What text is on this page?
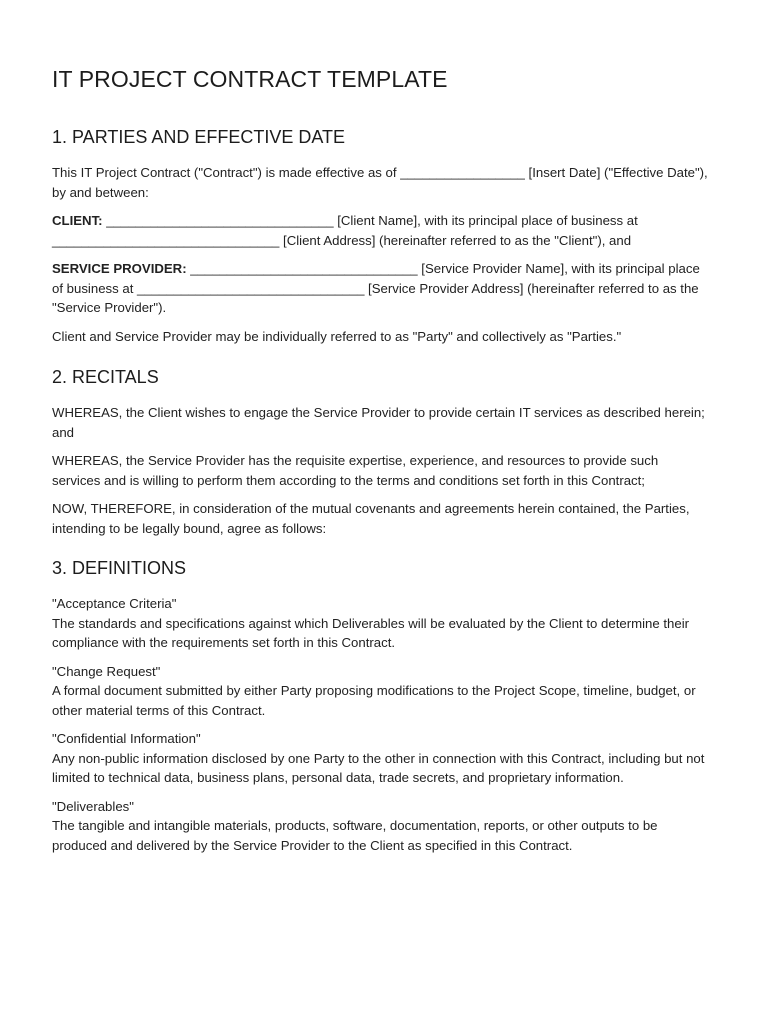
IT PROJECT CONTRACT TEMPLATE
1. PARTIES AND EFFECTIVE DATE

This IT Project Contract ("Contract") is made effective as of _________________ [Insert Date] ("Effective Date"), by and between:

CLIENT: _______________________________ [Client Name], with its principal place of business at _______________________________ [Client Address] (hereinafter referred to as the "Client"), and

SERVICE PROVIDER: _______________________________ [Service Provider Name], with its principal place of business at _______________________________ [Service Provider Address] (hereinafter referred to as the "Service Provider").

Client and Service Provider may be individually referred to as "Party" and collectively as "Parties."

2. RECITALS

WHEREAS, the Client wishes to engage the Service Provider to provide certain IT services as described herein; and

WHEREAS, the Service Provider has the requisite expertise, experience, and resources to provide such services and is willing to perform them according to the terms and conditions set forth in this Contract;

NOW, THEREFORE, in consideration of the mutual covenants and agreements herein contained, the Parties, intending to be legally bound, agree as follows:

3. DEFINITIONS

"Acceptance Criteria"
The standards and specifications against which Deliverables will be evaluated by the Client to determine their compliance with the requirements set forth in this Contract.

"Change Request"
A formal document submitted by either Party proposing modifications to the Project Scope, timeline, budget, or other material terms of this Contract.

"Confidential Information"
Any non-public information disclosed by one Party to the other in connection with this Contract, including but not limited to technical data, business plans, personal data, trade secrets, and proprietary information.

"Deliverables"
The tangible and intangible materials, products, software, documentation, reports, or other outputs to be produced and delivered by the Service Provider to the Client as specified in this Contract.
